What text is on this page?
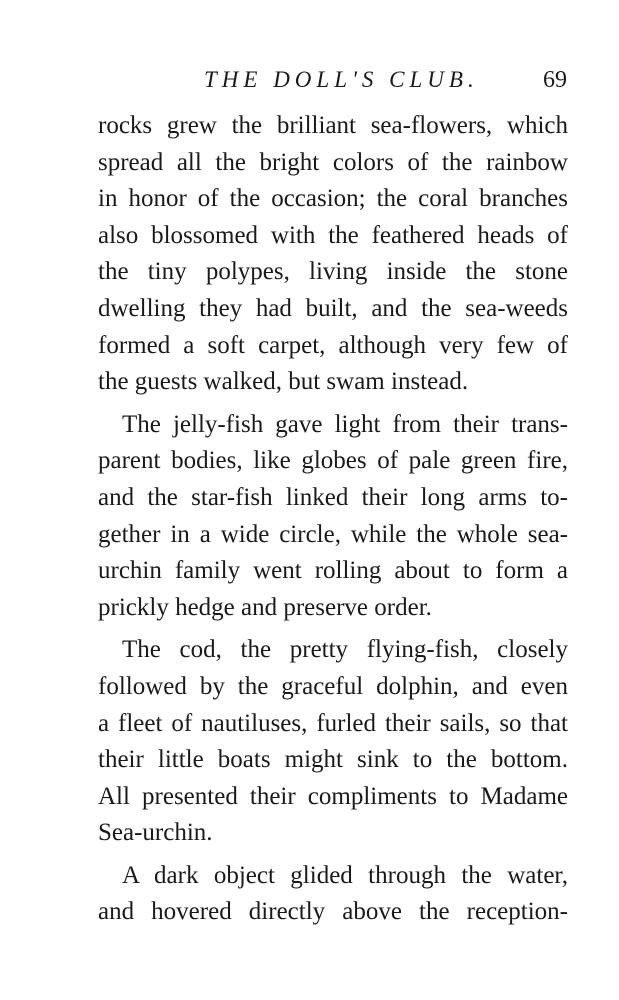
THE DOLL'S CLUB.	69

rocks grew the brilliant sea-flowers, which
spread all the bright colors of the rainbow
in honor of the occasion; the coral branches
also blossomed with the feathered heads of
the tiny polypes, living inside the stone
dwelling they had built, and the sea-weeds
formed a soft carpet, although very few of
the guests walked, but swam instead.

The jelly-fish gave light from their trans-
parent bodies, like globes of pale green fire,
and the star-fish linked their long arms to-
gether in a wide circle, while the whole sea-
urchin family went rolling about to form a
prickly hedge and preserve order.

The cod, the pretty flying-fish, closely
followed by the graceful dolphin, and even
a fleet of nautiluses, furled their sails, so that
their little boats might sink to the bottom.
All presented their compliments to Madame
Sea-urchin.

A dark object glided through the water,
and hovered directly above the reception-
